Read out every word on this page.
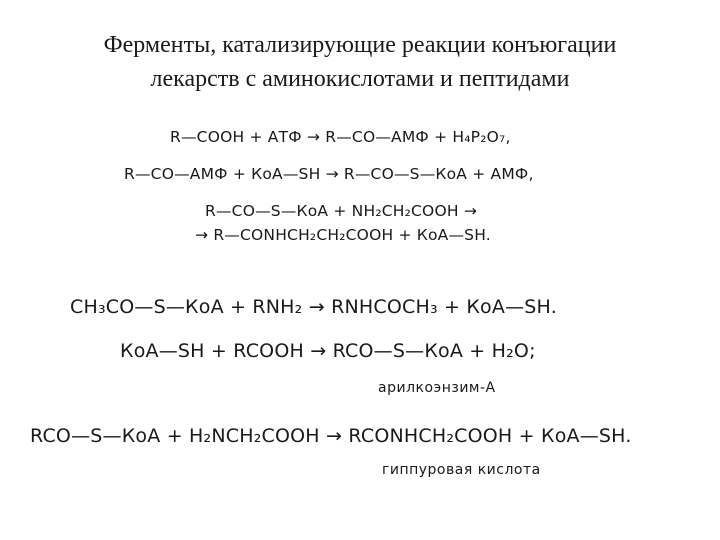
Ферменты, катализирующие реакции конъюгации
лекарств с аминокислотами и пептидами
R—COOH + АТФ → R—CO—АМФ + H₄P₂O₇,
R—CO—АМФ + КоА—SH → R—CO—S—КоА + АМФ,
R—CO—S—КоА + NH₂CH₂COOH →
→ R—CONHCH₂CH₂COOH + КоА—SH.
CH₃CO—S—КоА + RNH₂ → RNHCOCH₃ + КоА—SH.
КоА—SH + RCOOH → RCO—S—КоА + H₂O;
арилкоэнзим-А
RCO—S—КоА + H₂NCH₂COOH → RCONHCH₂COOH + КоА—SH.
гиппуровая кислота
